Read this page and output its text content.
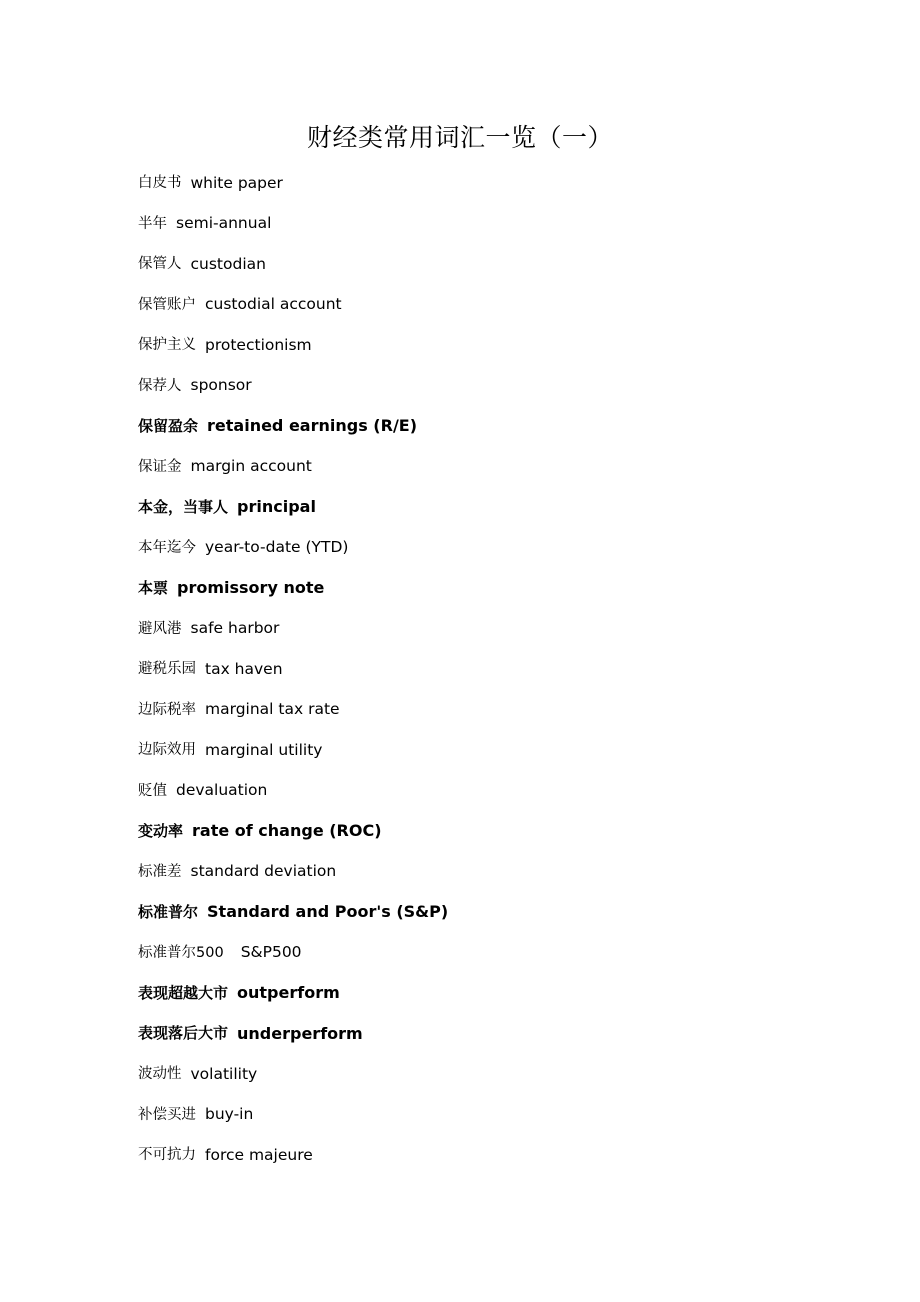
财经类常用词汇一览（一）
白皮书 white paper
半年 semi-annual
保管人 custodian
保管账户 custodial account
保护主义 protectionism
保荐人 sponsor
保留盈余 retained earnings (R/E)
保证金 margin account
本金，当事人 principal
本年迄今 year-to-date (YTD)
本票 promissory note
避风港 safe harbor
避税乐园 tax haven
边际税率 marginal tax rate
边际效用 marginal utility
贬值 devaluation
变动率 rate of change (ROC)
标准差 standard deviation
标准普尔 Standard and Poor's (S&P)
标准普尔500 S&P500
表现超越大市 outperform
表现落后大市 underperform
波动性 volatility
补偿买进 buy-in
不可抗力 force majeure
